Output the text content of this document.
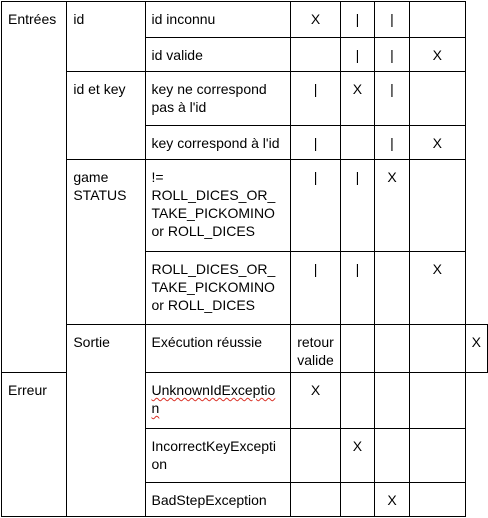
Entrées	id	id inconnu	X	|	|		
		id valide		|	|	X	
	id et key	key ne correspond pas à l'id	|	X	|		
		key correspond à l'id	|		|	X	
	game STATUS	!= ROLL_DICES_OR_ TAKE_PICKOMINO or ROLL_DICES	|	|	X		
		ROLL_DICES_OR_ TAKE_PICKOMINO or ROLL_DICES	|	|		X	
	Sortie	Exécution réussie	retour valide				X
Erreur		UnknownIdExceptio n	X				
		IncorrectKeyExcepti on		X			
		BadStepException			X		
